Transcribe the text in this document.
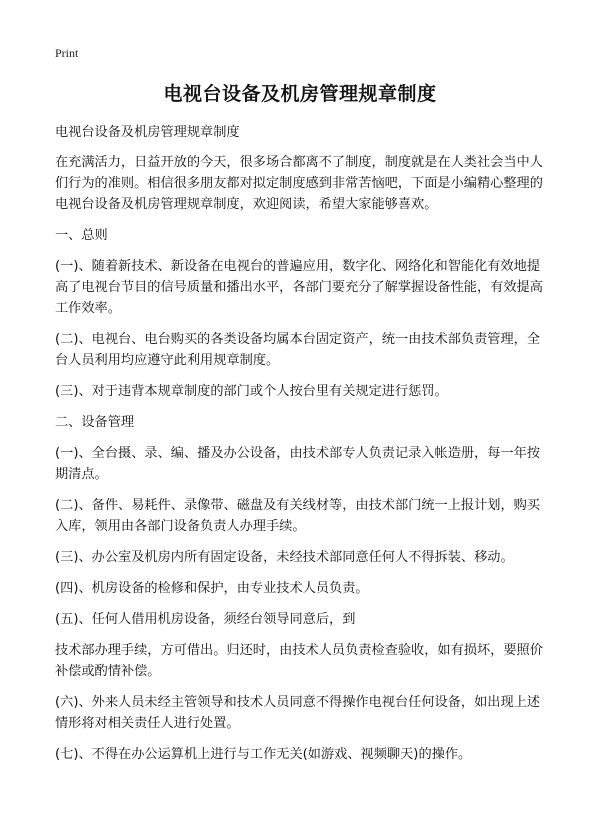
Print
电视台设备及机房管理规章制度

电视台设备及机房管理规章制度

在充满活力，日益开放的今天，很多场合都离不了制度，制度就是在人类社会当中人们行为的准则。相信很多朋友都对拟定制度感到非常苦恼吧，下面是小编精心整理的电视台设备及机房管理规章制度，欢迎阅读，希望大家能够喜欢。

一、总则

(一)、随着新技术、新设备在电视台的普遍应用，数字化、网络化和智能化有效地提高了电视台节目的信号质量和播出水平，各部门要充分了解掌握设备性能，有效提高工作效率。

(二)、电视台、电台购买的各类设备均属本台固定资产，统一由技术部负责管理，全台人员利用均应遵守此利用规章制度。

(三)、对于违背本规章制度的部门或个人按台里有关规定进行惩罚。

二、设备管理

(一)、全台摄、录、编、播及办公设备，由技术部专人负责记录入帐造册，每一年按期清点。

(二)、备件、易耗件、录像带、磁盘及有关线材等，由技术部门统一上报计划，购买入库，领用由各部门设备负责人办理手续。

(三)、办公室及机房内所有固定设备，未经技术部同意任何人不得拆装、移动。

(四)、机房设备的检修和保护，由专业技术人员负责。

(五)、任何人借用机房设备，须经台领导同意后，到

技术部办理手续，方可借出。归还时，由技术人员负责检查验收，如有损坏，要照价补偿或酌情补偿。

(六)、外来人员未经主管领导和技术人员同意不得操作电视台任何设备，如出现上述情形将对相关责任人进行处置。

(七)、不得在办公运算机上进行与工作无关(如游戏、视频聊天)的操作。
